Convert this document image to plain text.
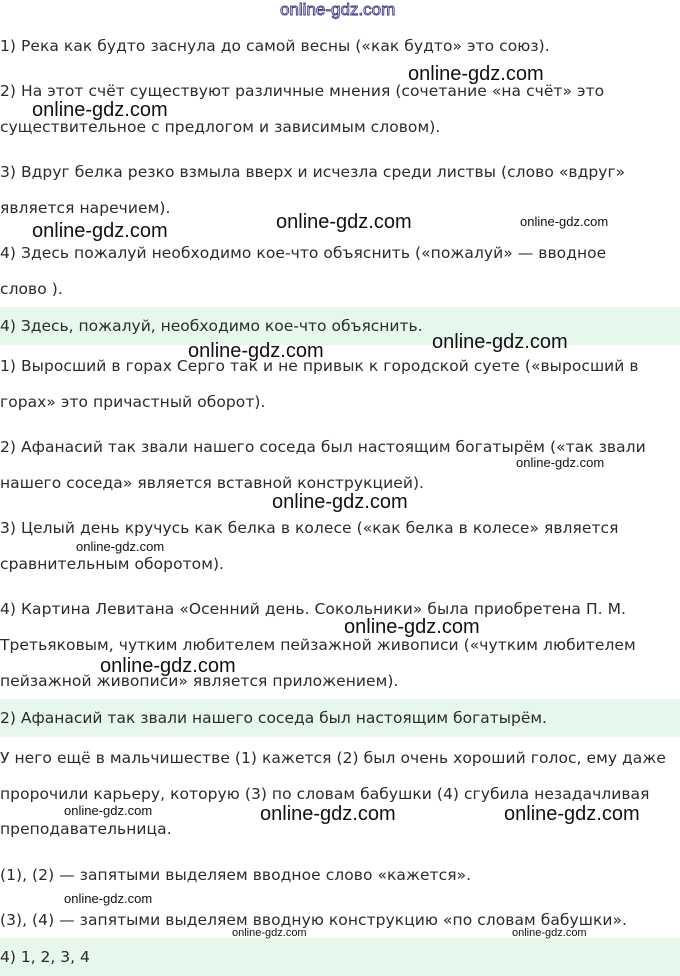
online-gdz.com

1) Река как будто заснула до самой весны («как будто» это союз).

2) На этот счёт существуют различные мнения (сочетание «на счёт» это

существительное с предлогом и зависимым словом).

3) Вдруг белка резко взмыла вверх и исчезла среди листвы (слово «вдруг»

является наречием).

4) Здесь пожалуй необходимо кое-что объяснить («пожалуй» — вводное

слово ).

4) Здесь, пожалуй, необходимо кое-что объяснить.

1) Выросший в горах Серго так и не привык к городской суете («выросший в

горах» это причастный оборот).

2) Афанасий так звали нашего соседа был настоящим богатырём («так звали

нашего соседа» является вставной конструкцией).

3) Целый день кручусь как белка в колесе («как белка в колесе» является

сравнительным оборотом).

4) Картина Левитана «Осенний день. Сокольники» была приобретена П. М.

Третьяковым, чутким любителем пейзажной живописи («чутким любителем

пейзажной живописи» является приложением).

2) Афанасий так звали нашего соседа был настоящим богатырём.

У него ещё в мальчишестве (1) кажется (2) был очень хороший голос, ему даже

пророчили карьеру, которую (3) по словам бабушки (4) сгубила незадачливая

преподавательница.

(1), (2) — запятыми выделяем вводное слово «кажется».

(3), (4) — запятыми выделяем вводную конструкцию «по словам бабушки».

4) 1, 2, 3, 4
online-gdz.com
online-gdz.com
online-gdz.com	online-gdz.com
online-gdz.com
online-gdz.com
online-gdz.com
online-gdz.com
online-gdz.com
online-gdz.com
online-gdz.com
online-gdz.com
online-gdz.com	online-gdz.com	online-gdz.com
online-gdz.com
online-gdz.com	online-gdz.com
